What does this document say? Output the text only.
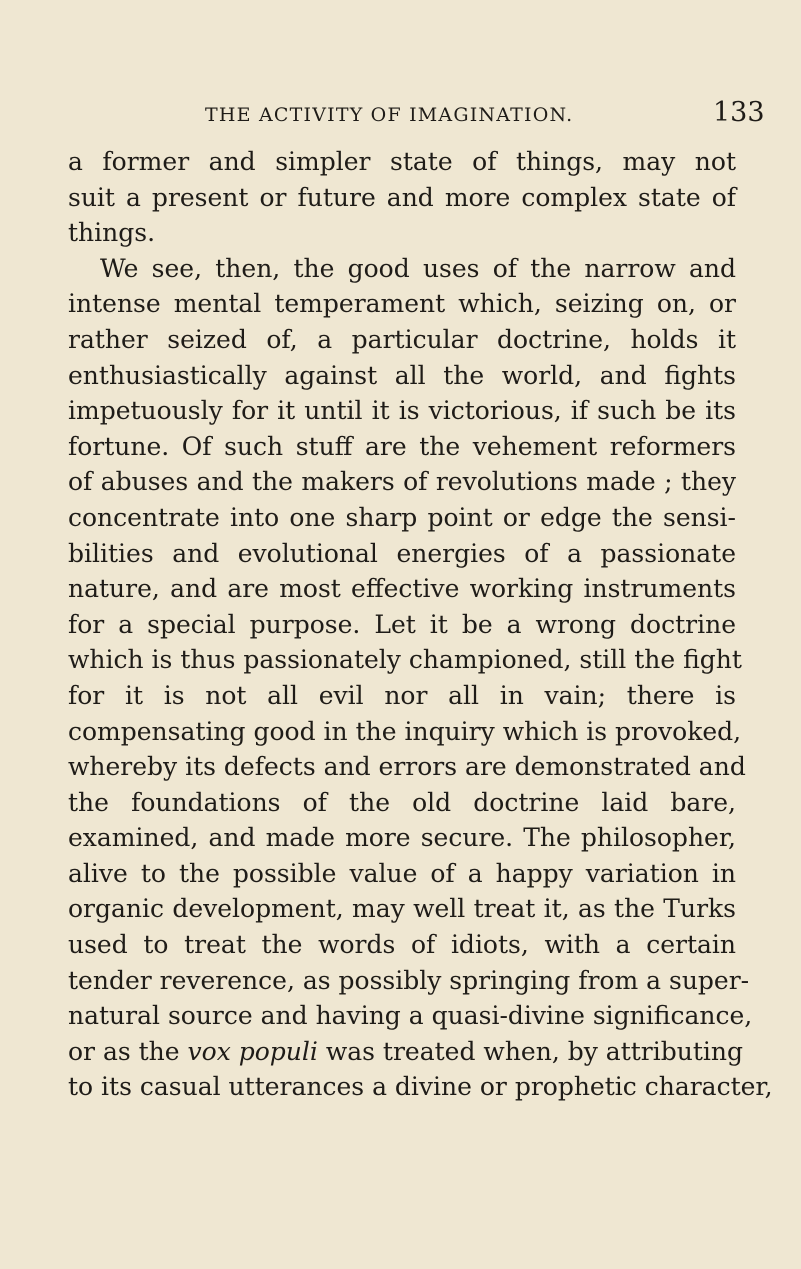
THE ACTIVITY OF IMAGINATION.	133
a former and simpler state of things, may not
suit a present or future and more complex state of
things.
We see, then, the good uses of the narrow and
intense mental temperament which, seizing on, or
rather seized of, a particular doctrine, holds it
enthusiastically against all the world, and fights
impetuously for it until it is victorious, if such be its
fortune. Of such stuff are the vehement reformers
of abuses and the makers of revolutions made ; they
concentrate into one sharp point or edge the sensi-
bilities and evolutional energies of a passionate
nature, and are most effective working instruments
for a special purpose. Let it be a wrong doctrine
which is thus passionately championed, still the fight
for it is not all evil nor all in vain; there is
compensating good in the inquiry which is provoked,
whereby its defects and errors are demonstrated and
the foundations of the old doctrine laid bare,
examined, and made more secure. The philosopher,
alive to the possible value of a happy variation in
organic development, may well treat it, as the Turks
used to treat the words of idiots, with a certain
tender reverence, as possibly springing from a super-
natural source and having a quasi-divine significance,
or as the vox populi was treated when, by attributing
to its casual utterances a divine or prophetic character,
